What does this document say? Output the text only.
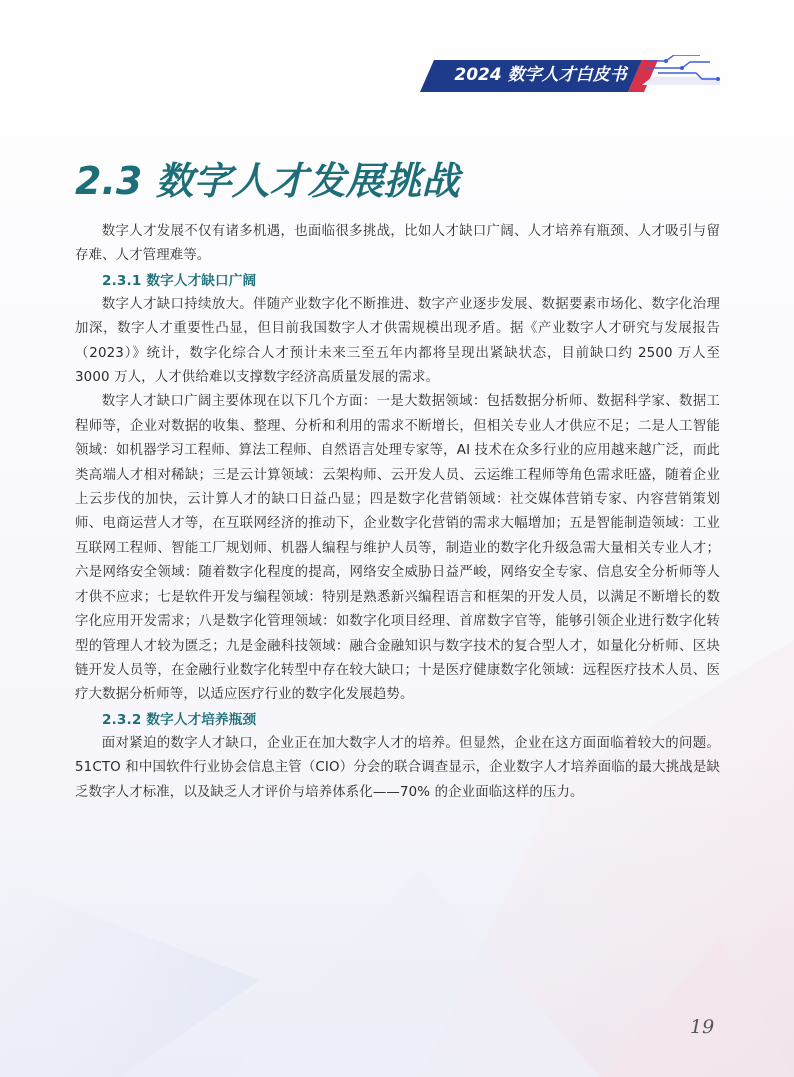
2024 数字人才白皮书
2.3 数字人才发展挑战

数字人才发展不仅有诸多机遇，也面临很多挑战，比如人才缺口广阔、人才培养有瓶颈、人才吸引与留存难、人才管理难等。

2.3.1 数字人才缺口广阔

数字人才缺口持续放大。伴随产业数字化不断推进、数字产业逐步发展、数据要素市场化、数字化治理加深，数字人才重要性凸显，但目前我国数字人才供需规模出现矛盾。据《产业数字人才研究与发展报告（2023）》统计，数字化综合人才预计未来三至五年内都将呈现出紧缺状态，目前缺口约 2500 万人至 3000 万人，人才供给难以支撑数字经济高质量发展的需求。

数字人才缺口广阔主要体现在以下几个方面：一是大数据领域：包括数据分析师、数据科学家、数据工程师等，企业对数据的收集、整理、分析和利用的需求不断增长，但相关专业人才供应不足；二是人工智能领域：如机器学习工程师、算法工程师、自然语言处理专家等，AI 技术在众多行业的应用越来越广泛，而此类高端人才相对稀缺；三是云计算领域：云架构师、云开发人员、云运维工程师等角色需求旺盛，随着企业上云步伐的加快，云计算人才的缺口日益凸显；四是数字化营销领域：社交媒体营销专家、内容营销策划师、电商运营人才等，在互联网经济的推动下，企业数字化营销的需求大幅增加；五是智能制造领域：工业互联网工程师、智能工厂规划师、机器人编程与维护人员等，制造业的数字化升级急需大量相关专业人才；六是网络安全领域：随着数字化程度的提高，网络安全威胁日益严峻，网络安全专家、信息安全分析师等人才供不应求；七是软件开发与编程领域：特别是熟悉新兴编程语言和框架的开发人员，以满足不断增长的数字化应用开发需求；八是数字化管理领域：如数字化项目经理、首席数字官等，能够引领企业进行数字化转型的管理人才较为匮乏；九是金融科技领域：融合金融知识与数字技术的复合型人才，如量化分析师、区块链开发人员等，在金融行业数字化转型中存在较大缺口；十是医疗健康数字化领域：远程医疗技术人员、医疗大数据分析师等，以适应医疗行业的数字化发展趋势。

2.3.2 数字人才培养瓶颈

面对紧迫的数字人才缺口，企业正在加大数字人才的培养。但显然，企业在这方面面临着较大的问题。51CTO 和中国软件行业协会信息主管（CIO）分会的联合调查显示，企业数字人才培养面临的最大挑战是缺乏数字人才标准，以及缺乏人才评价与培养体系化——70% 的企业面临这样的压力。

19
